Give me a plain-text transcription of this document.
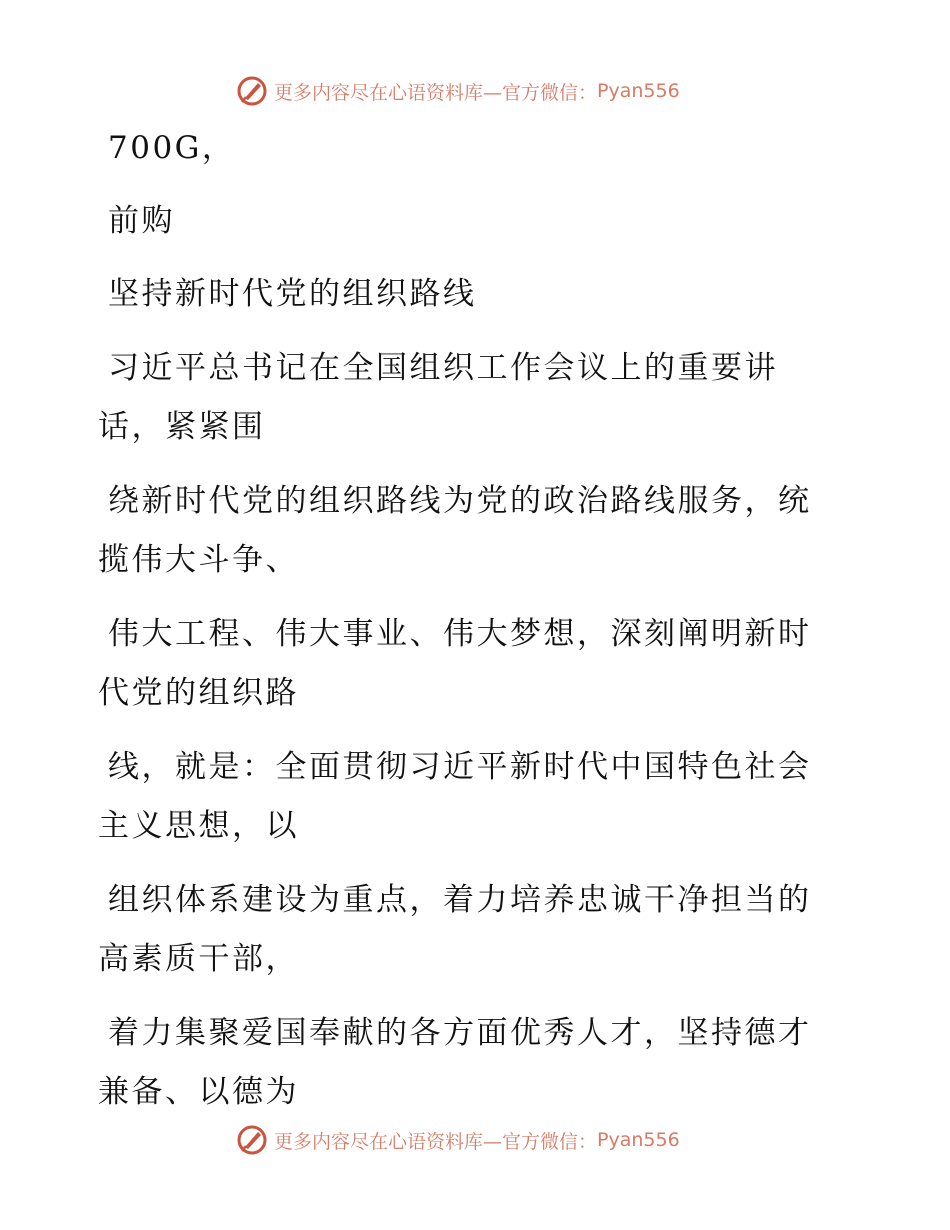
更多内容尽在心语资料库—官方微信： Pyan556
700G，
前购
坚持新时代党的组织路线
习近平总书记在全国组织工作会议上的重要讲
话，紧紧围
绕新时代党的组织路线为党的政治路线服务，统
揽伟大斗争、
伟大工程、伟大事业、伟大梦想，深刻阐明新时
代党的组织路
线，就是：全面贯彻习近平新时代中国特色社会
主义思想，以
组织体系建设为重点，着力培养忠诚干净担当的
高素质干部，
着力集聚爱国奉献的各方面优秀人才，坚持德才
兼备、以德为
更多内容尽在心语资料库—官方微信： Pyan556
